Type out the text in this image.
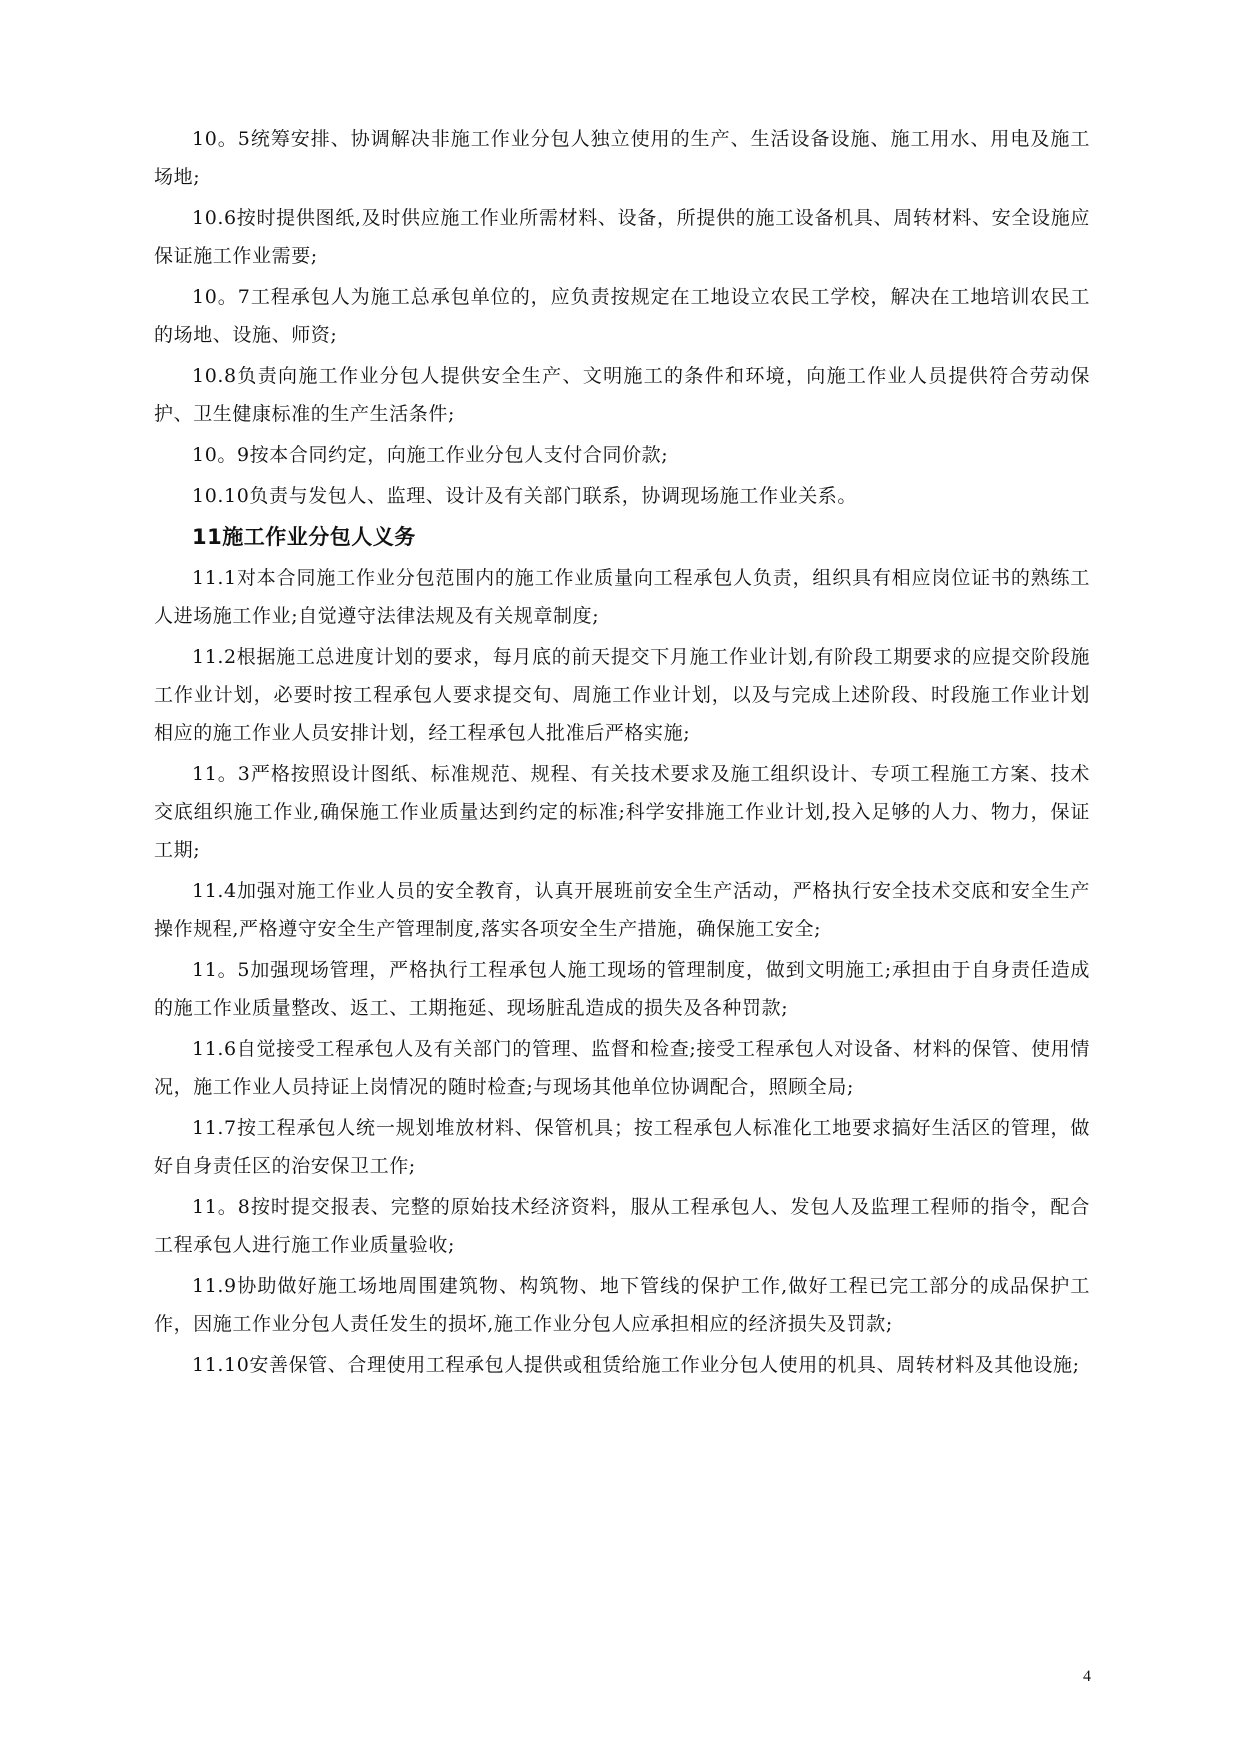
10。5统筹安排、协调解决非施工作业分包人独立使用的生产、生活设备设施、施工用水、用电及施工场地;

10.6按时提供图纸,及时供应施工作业所需材料、设备，所提供的施工设备机具、周转材料、安全设施应保证施工作业需要;

10。7工程承包人为施工总承包单位的，应负责按规定在工地设立农民工学校，解决在工地培训农民工的场地、设施、师资;

10.8负责向施工作业分包人提供安全生产、文明施工的条件和环境，向施工作业人员提供符合劳动保护、卫生健康标准的生产生活条件;

10。9按本合同约定，向施工作业分包人支付合同价款;

10.10负责与发包人、监理、设计及有关部门联系，协调现场施工作业关系。

11施工作业分包人义务

11.1对本合同施工作业分包范围内的施工作业质量向工程承包人负责，组织具有相应岗位证书的熟练工人进场施工作业;自觉遵守法律法规及有关规章制度;

11.2根据施工总进度计划的要求，每月底的前天提交下月施工作业计划,有阶段工期要求的应提交阶段施工作业计划，必要时按工程承包人要求提交旬、周施工作业计划，以及与完成上述阶段、时段施工作业计划相应的施工作业人员安排计划，经工程承包人批准后严格实施;

11。3严格按照设计图纸、标准规范、规程、有关技术要求及施工组织设计、专项工程施工方案、技术交底组织施工作业,确保施工作业质量达到约定的标准;科学安排施工作业计划,投入足够的人力、物力，保证工期;

11.4加强对施工作业人员的安全教育，认真开展班前安全生产活动，严格执行安全技术交底和安全生产操作规程,严格遵守安全生产管理制度,落实各项安全生产措施，确保施工安全;

11。5加强现场管理，严格执行工程承包人施工现场的管理制度，做到文明施工;承担由于自身责任造成的施工作业质量整改、返工、工期拖延、现场脏乱造成的损失及各种罚款;

11.6自觉接受工程承包人及有关部门的管理、监督和检查;接受工程承包人对设备、材料的保管、使用情况，施工作业人员持证上岗情况的随时检查;与现场其他单位协调配合，照顾全局;

11.7按工程承包人统一规划堆放材料、保管机具；按工程承包人标准化工地要求搞好生活区的管理，做好自身责任区的治安保卫工作;

11。8按时提交报表、完整的原始技术经济资料，服从工程承包人、发包人及监理工程师的指令，配合工程承包人进行施工作业质量验收;

11.9协助做好施工场地周围建筑物、构筑物、地下管线的保护工作,做好工程已完工部分的成品保护工作，因施工作业分包人责任发生的损坏,施工作业分包人应承担相应的经济损失及罚款;

11.10安善保管、合理使用工程承包人提供或租赁给施工作业分包人使用的机具、周转材料及其他设施;

4
